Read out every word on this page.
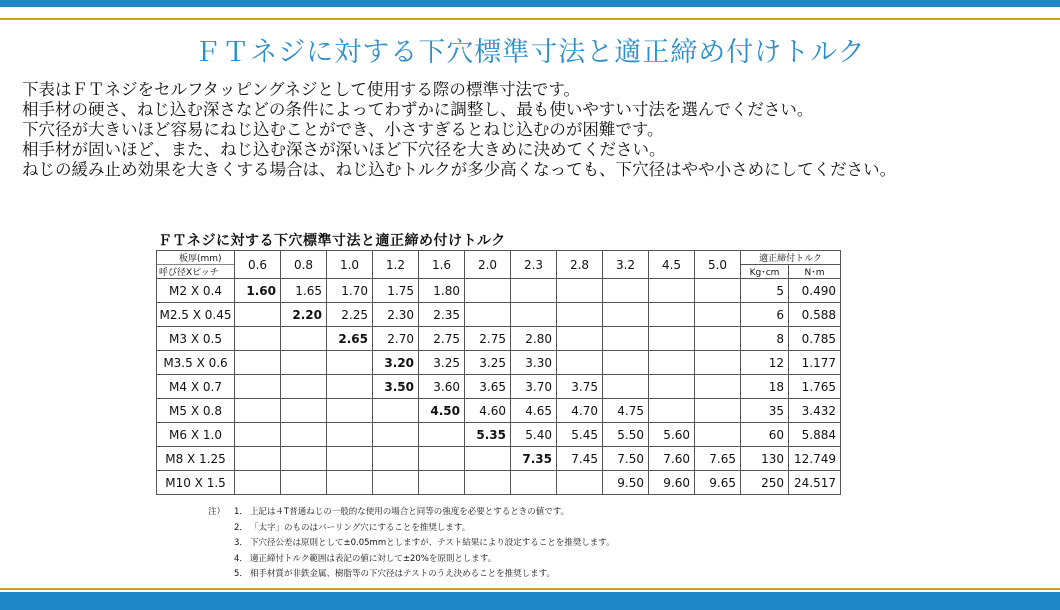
ＦＴネジに対する下穴標準寸法と適正締め付けトルク
下表はＦＴネジをセルフタッピングネジとして使用する際の標準寸法です。
相手材の硬さ、ねじ込む深さなどの条件によってわずかに調整し、最も使いやすい寸法を選んでください。
下穴径が大きいほど容易にねじ込むことができ、小さすぎるとねじ込むのが困難です。
相手材が固いほど、また、ねじ込む深さが深いほど下穴径を大きめに決めてください。
ねじの緩み止め効果を大きくする場合は、ねじ込むトルクが多少高くなっても、下穴径はやや小さめにしてください。
ＦＴネジに対する下穴標準寸法と適正締め付けトルク
板厚(mm)
呼び径Xピッチ	0.6	0.8	1.0	1.2	1.6	2.0	2.3	2.8	3.2	4.5	5.0	適正締付トルク	
												Kg･cm	N･m
M2 X 0.4	1.60	1.65	1.70	1.75	1.80							5	0.490
M2.5 X 0.45		2.20	2.25	2.30	2.35							6	0.588
M3 X 0.5			2.65	2.70	2.75	2.75	2.80					8	0.785
M3.5 X 0.6				3.20	3.25	3.25	3.30					12	1.177
M4 X 0.7				3.50	3.60	3.65	3.70	3.75				18	1.765
M5 X 0.8					4.50	4.60	4.65	4.70	4.75			35	3.432
M6 X 1.0						5.35	5.40	5.45	5.50	5.60		60	5.884
M8 X 1.25							7.35	7.45	7.50	7.60	7.65	130	12.749
M10 X 1.5									9.50	9.60	9.65	250	24.517
注）	1． 上記は４T普通ねじの一般的な使用の場合と同等の強度を必要とするときの値です。
2． 「太字」のものはバーリング穴にすることを推奨します。
3． 下穴径公差は原則として±0.05mmとしますが、テスト結果により設定することを推奨します。
4． 適正締付トルク範囲は表記の値に対して±20%を原則とします。
5． 相手材質が非鉄金属、樹脂等の下穴径はテストのうえ決めることを推奨します。
